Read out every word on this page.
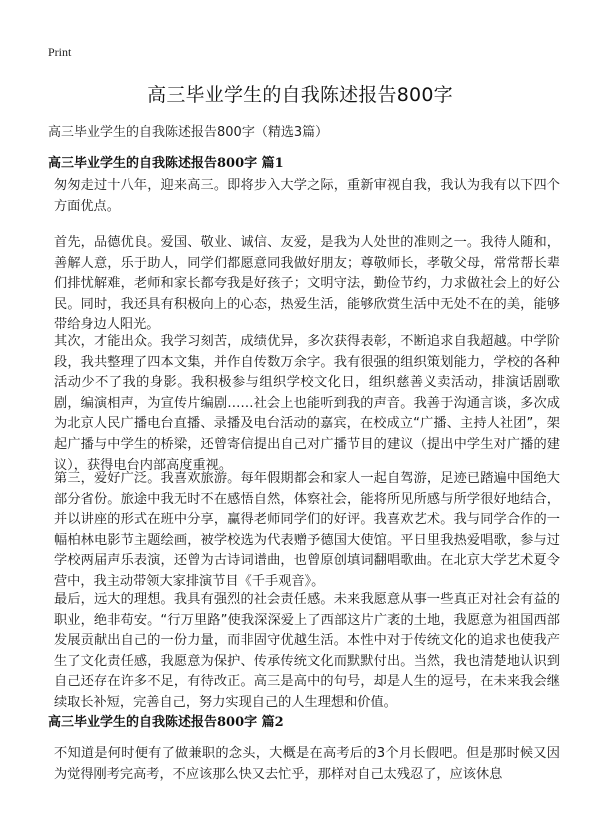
Print
高三毕业学生的自我陈述报告800字
高三毕业学生的自我陈述报告800字（精选3篇）
高三毕业学生的自我陈述报告800字 篇1

匆匆走过十八年，迎来高三。即将步入大学之际，重新审视自我，我认为我有以下四个方面优点。

首先，品德优良。爱国、敬业、诚信、友爱，是我为人处世的准则之一。我待人随和，善解人意，乐于助人，同学们都愿意同我做好朋友；尊敬师长，孝敬父母，常常帮长辈们排忧解难，老师和家长都夸我是好孩子；文明守法，勤俭节约，力求做社会上的好公民。同时，我还具有积极向上的心态，热爱生活，能够欣赏生活中无处不在的美，能够带给身边人阳光。

其次，才能出众。我学习刻苦，成绩优异，多次获得表彰，不断追求自我超越。中学阶段，我共整理了四本文集，并作自传数万余字。我有很强的组织策划能力，学校的各种活动少不了我的身影。我积极参与组织学校文化日，组织慈善义卖活动，排演话剧歌剧，编演相声，为宣传片编剧……社会上也能听到我的声音。我善于沟通言谈，多次成为北京人民广播电台直播、录播及电台活动的嘉宾，在校成立“广播、主持人社团”，架起广播与中学生的桥梁，还曾寄信提出自己对广播节目的建议（提出中学生对广播的建议），获得电台内部高度重视。

第三，爱好广泛。我喜欢旅游。每年假期都会和家人一起自驾游，足迹已踏遍中国绝大部分省份。旅途中我无时不在感悟自然，体察社会，能将所见所感与所学很好地结合，并以讲座的形式在班中分享，赢得老师同学们的好评。我喜欢艺术。我与同学合作的一幅柏林电影节主题绘画，被学校选为代表赠予德国大使馆。平日里我热爱唱歌，参与过学校两届声乐表演，还曾为古诗词谱曲，也曾原创填词翻唱歌曲。在北京大学艺术夏令营中，我主动带领大家排演节目《千手观音》。

最后，远大的理想。我具有强烈的社会责任感。未来我愿意从事一些真正对社会有益的职业，绝非苟安。“行万里路”使我深深爱上了西部这片广袤的土地，我愿意为祖国西部发展贡献出自己的一份力量，而非固守优越生活。本性中对于传统文化的追求也使我产生了文化责任感，我愿意为保护、传承传统文化而默默付出。当然，我也清楚地认识到自己还存在许多不足，有待改正。高三是高中的句号，却是人生的逗号，在未来我会继续取长补短，完善自己，努力实现自己的人生理想和价值。

高三毕业学生的自我陈述报告800字 篇2

不知道是何时便有了做兼职的念头，大概是在高考后的3个月长假吧。但是那时候又因为觉得刚考完高考，不应该那么快又去忙乎，那样对自己太残忍了，应该休息
